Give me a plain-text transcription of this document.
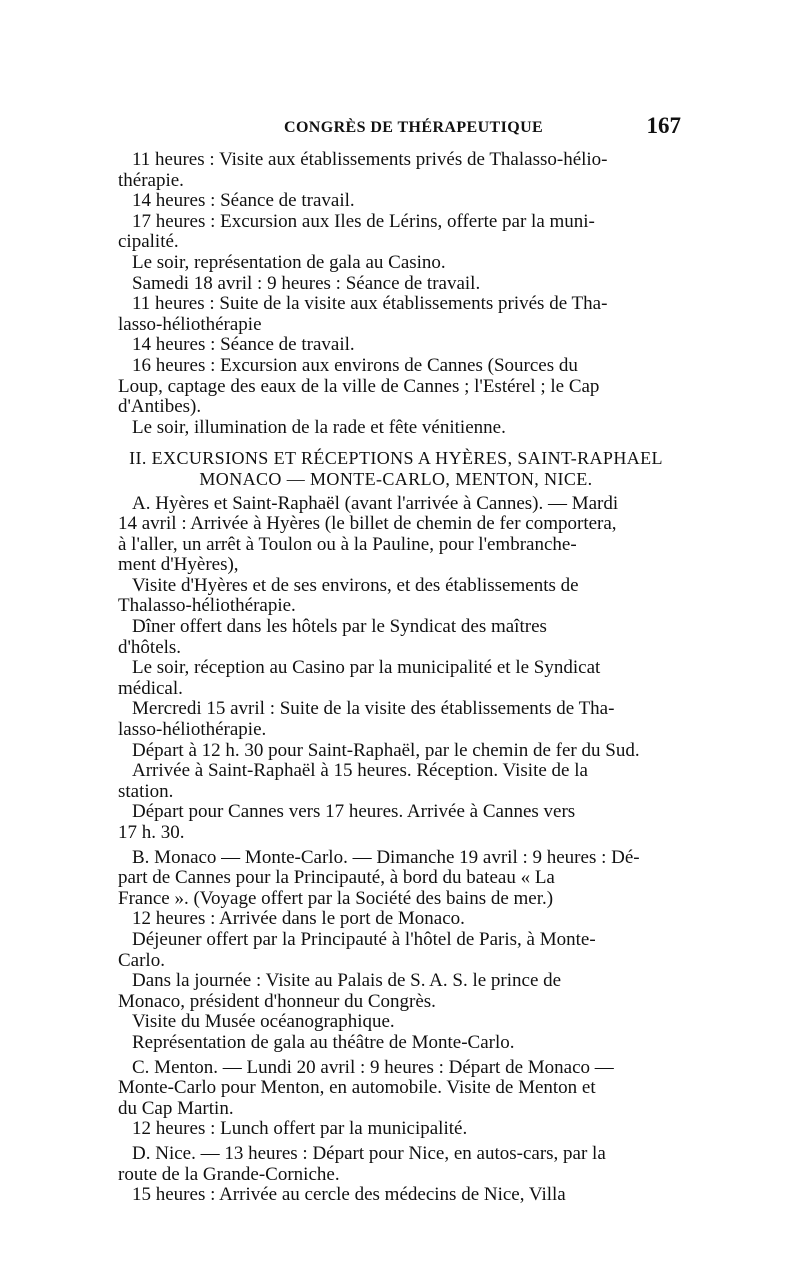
CONGRÈS DE THÉRAPEUTIQUE	167
11 heures : Visite aux établissements privés de Thalasso-hélio-
thérapie.
14 heures : Séance de travail.
17 heures : Excursion aux Iles de Lérins, offerte par la muni-
cipalité.
Le soir, représentation de gala au Casino.
Samedi 18 avril : 9 heures : Séance de travail.
11 heures : Suite de la visite aux établissements privés de Tha-
lasso-héliothérapie
14 heures : Séance de travail.
16 heures : Excursion aux environs de Cannes (Sources du
Loup, captage des eaux de la ville de Cannes ; l'Estérel ; le Cap
d'Antibes).
Le soir, illumination de la rade et fête vénitienne.
II. EXCURSIONS ET RÉCEPTIONS A HYÈRES, SAINT-RAPHAEL
MONACO — MONTE-CARLO, MENTON, NICE.
A. Hyères et Saint-Raphaël (avant l'arrivée à Cannes). — Mardi
14 avril : Arrivée à Hyères (le billet de chemin de fer comportera,
à l'aller, un arrêt à Toulon ou à la Pauline, pour l'embranche-
ment d'Hyères),
Visite d'Hyères et de ses environs, et des établissements de
Thalasso-héliothérapie.
Dîner offert dans les hôtels par le Syndicat des maîtres
d'hôtels.
Le soir, réception au Casino par la municipalité et le Syndicat
médical.
Mercredi 15 avril : Suite de la visite des établissements de Tha-
lasso-héliothérapie.
Départ à 12 h. 30 pour Saint-Raphaël, par le chemin de fer du Sud.
Arrivée à Saint-Raphaël à 15 heures. Réception. Visite de la
station.
Départ pour Cannes vers 17 heures. Arrivée à Cannes vers
17 h. 30.
B. Monaco — Monte-Carlo. — Dimanche 19 avril : 9 heures : Dé-
part de Cannes pour la Principauté, à bord du bateau « La
France ». (Voyage offert par la Société des bains de mer.)
12 heures : Arrivée dans le port de Monaco.
Déjeuner offert par la Principauté à l'hôtel de Paris, à Monte-
Carlo.
Dans la journée : Visite au Palais de S. A. S. le prince de
Monaco, président d'honneur du Congrès.
Visite du Musée océanographique.
Représentation de gala au théâtre de Monte-Carlo.
C. Menton. — Lundi 20 avril : 9 heures : Départ de Monaco —
Monte-Carlo pour Menton, en automobile. Visite de Menton et
du Cap Martin.
12 heures : Lunch offert par la municipalité.
D. Nice. — 13 heures : Départ pour Nice, en autos-cars, par la
route de la Grande-Corniche.
15 heures : Arrivée au cercle des médecins de Nice, Villa
